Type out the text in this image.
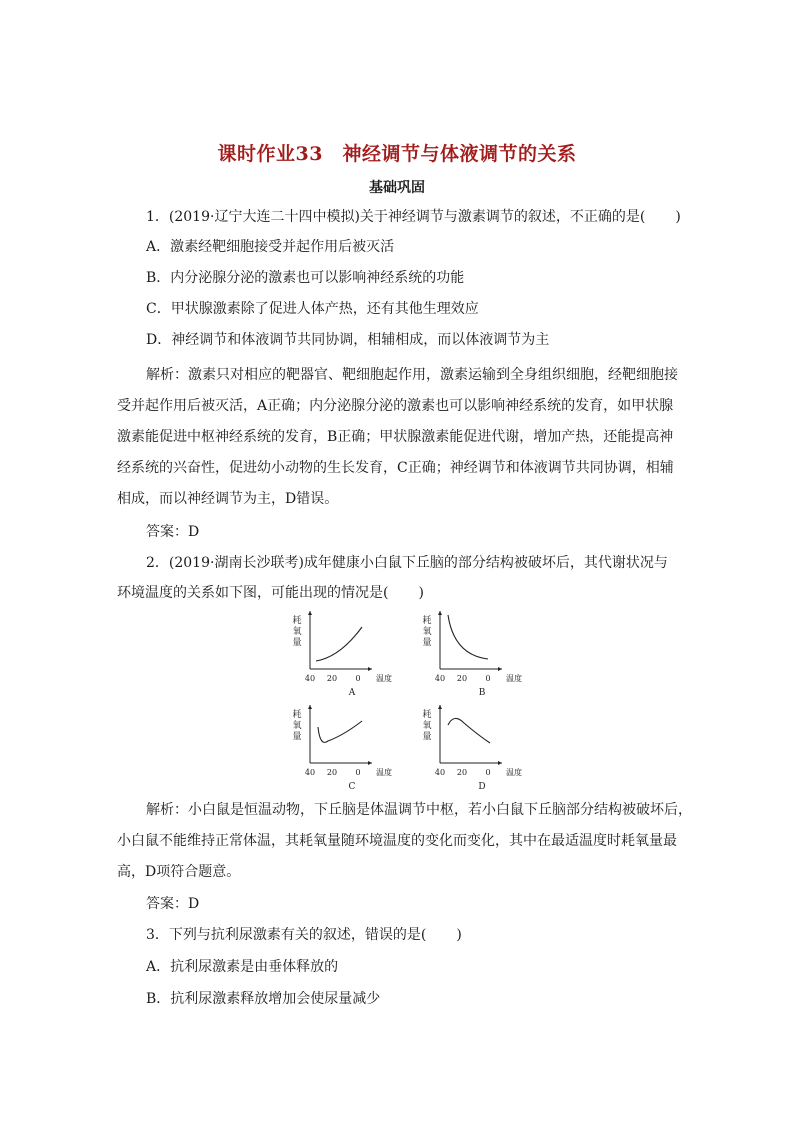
课时作业33　神经调节与体液调节的关系
基础巩固
1．(2019·辽宁大连二十四中模拟)关于神经调节与激素调节的叙述，不正确的是( )
A．激素经靶细胞接受并起作用后被灭活
B．内分泌腺分泌的激素也可以影响神经系统的功能
C．甲状腺激素除了促进人体产热，还有其他生理效应
D．神经调节和体液调节共同协调，相辅相成，而以体液调节为主
解析：激素只对相应的靶器官、靶细胞起作用，激素运输到全身组织细胞，经靶细胞接
受并起作用后被灭活，A正确；内分泌腺分泌的激素也可以影响神经系统的发育，如甲状腺
激素能促进中枢神经系统的发育，B正确；甲状腺激素能促进代谢，增加产热，还能提高神
经系统的兴奋性，促进幼小动物的生长发育，C正确；神经调节和体液调节共同协调，相辅
相成，而以神经调节为主，D错误。
答案：D
2．(2019·湖南长沙联考)成年健康小白鼠下丘脑的部分结构被破坏后，其代谢状况与
环境温度的关系如下图，可能出现的情况是( )
耗
氧
量
40 20 0 温度
A
耗
氧
量
40 20 0 温度
B
耗
氧
量
40 20 0 温度
C
耗
氧
量
40 20 0 温度
D
解析：小白鼠是恒温动物，下丘脑是体温调节中枢，若小白鼠下丘脑部分结构被破坏后，
小白鼠不能维持正常体温，其耗氧量随环境温度的变化而变化，其中在最适温度时耗氧量最
高，D项符合题意。
答案：D
3．下列与抗利尿激素有关的叙述，错误的是( )
A．抗利尿激素是由垂体释放的
B．抗利尿激素释放增加会使尿量减少
